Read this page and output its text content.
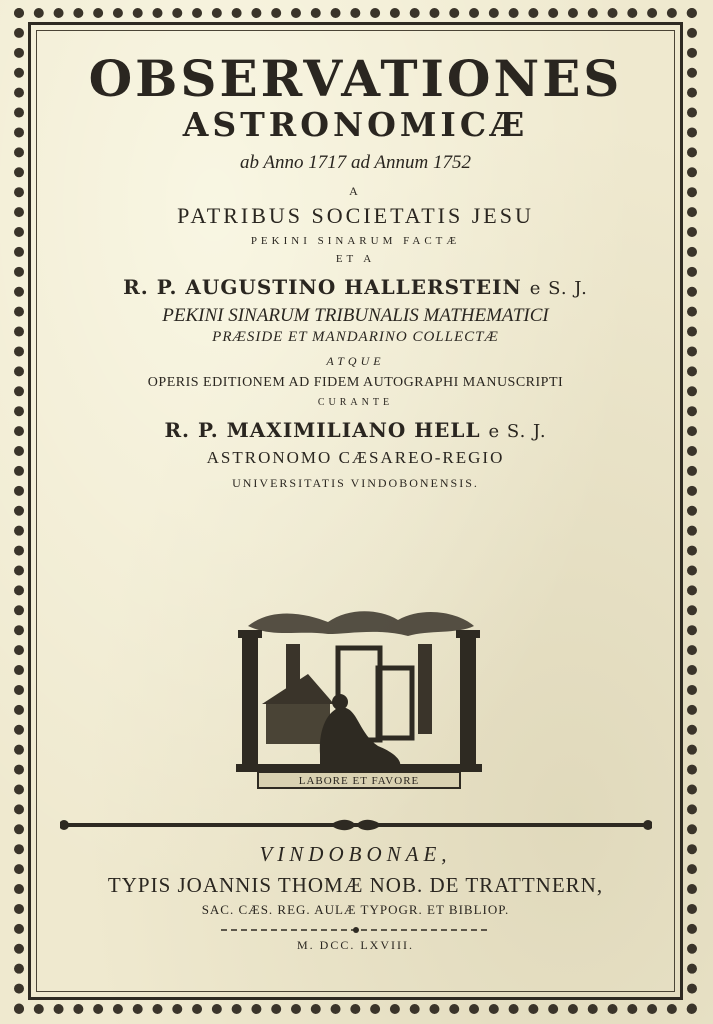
OBSERVATIONES
ASTRONOMICÆ
ab Anno 1717 ad Annum 1752
A
PATRIBUS SOCIETATIS JESU
PEKINI SINARUM FACTÆ
ET A
R. P. AUGUSTINO HALLERSTEIN e S. J.
PEKINI SINARUM TRIBUNALIS MATHEMATICI
PRÆSIDE ET MANDARINO COLLECTÆ
ATQUE
OPERIS EDITIONEM AD FIDEM AUTOGRAPHI MANUSCRIPTI
CURANTE
R. P. MAXIMILIANO HELL e S. J.
ASTRONOMO CÆSAREO-REGIO
UNIVERSITATIS VINDOBONENSIS.
LABORE ET FAVORE
VINDOBONAE,
TYPIS JOANNIS THOMÆ NOB. DE TRATTNERN,
SAC. CÆS. REG. AULÆ TYPOGR. ET BIBLIOP.
M. DCC. LXVIII.
